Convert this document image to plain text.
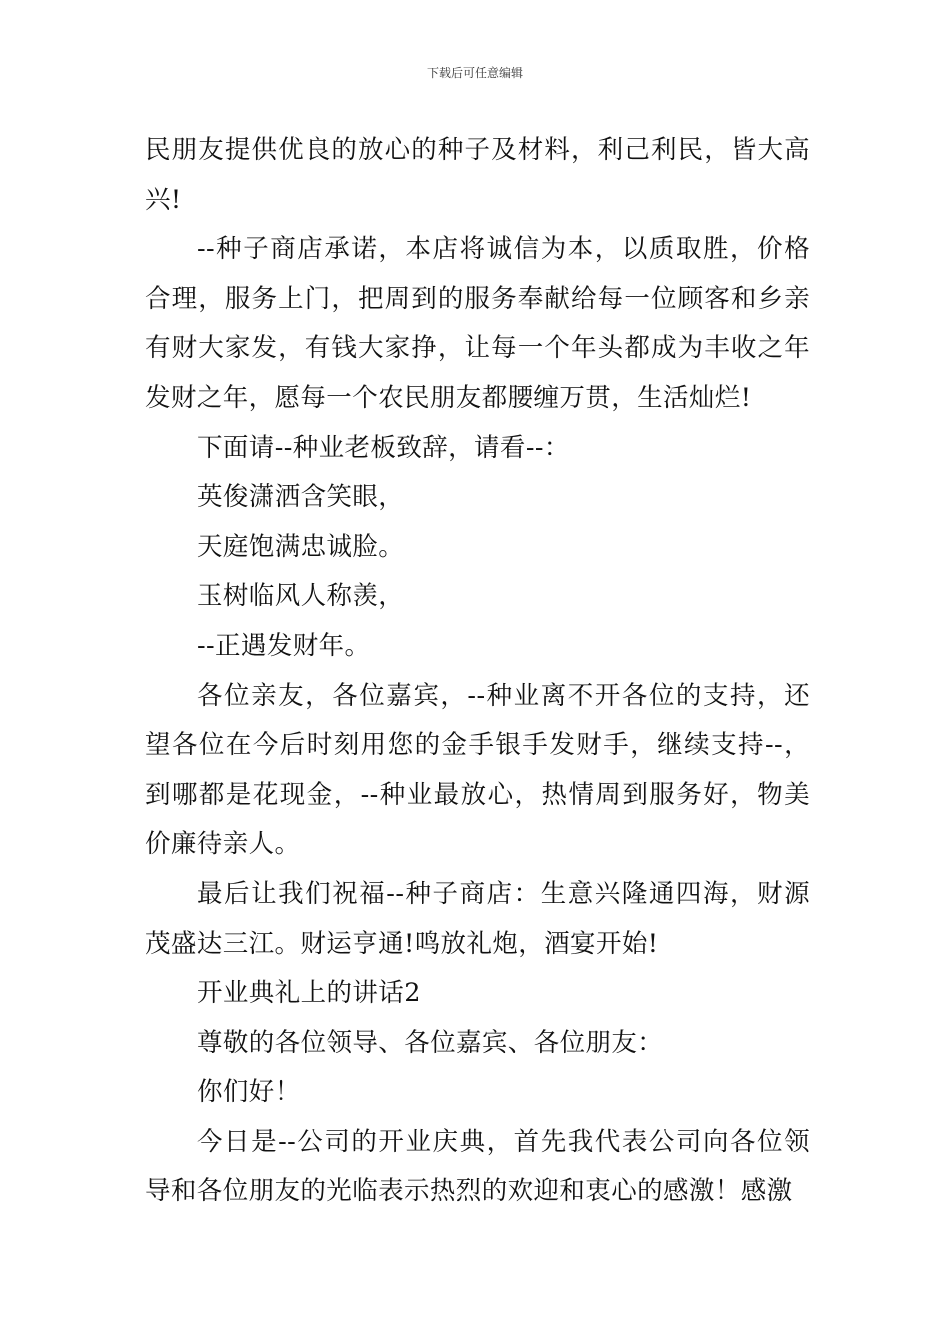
下载后可任意编辑

民朋友提供优良的放心的种子及材料，利己利民，皆大高兴!

--种子商店承诺，本店将诚信为本，以质取胜，价格合理，服务上门，把周到的服务奉献给每一位顾客和乡亲有财大家发，有钱大家挣，让每一个年头都成为丰收之年发财之年，愿每一个农民朋友都腰缠万贯，生活灿烂!

下面请--种业老板致辞，请看--：

英俊潇洒含笑眼，

天庭饱满忠诚脸。

玉树临风人称羡，

--正遇发财年。

各位亲友，各位嘉宾，--种业离不开各位的支持，还望各位在今后时刻用您的金手银手发财手，继续支持--，到哪都是花现金，--种业最放心，热情周到服务好，物美价廉待亲人。

最后让我们祝福--种子商店：生意兴隆通四海，财源茂盛达三江。财运亨通!鸣放礼炮，酒宴开始!

开业典礼上的讲话2

尊敬的各位领导、各位嘉宾、各位朋友：

你们好！

今日是--公司的开业庆典，首先我代表公司向各位领导和各位朋友的光临表示热烈的欢迎和衷心的感激！感激
